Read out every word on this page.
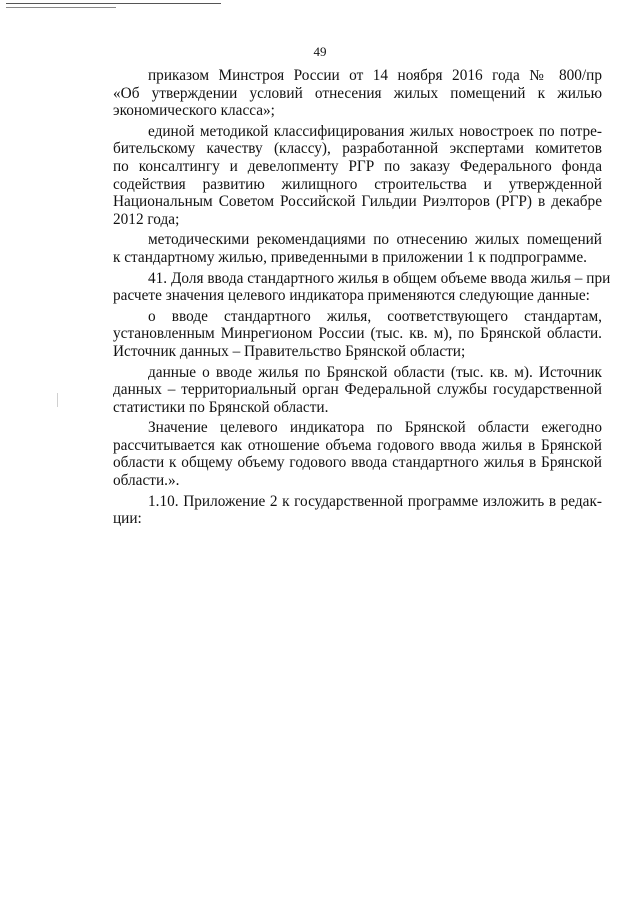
49
приказом Минстроя России от 14 ноября 2016 года № 800/пр
«Об утверждении условий отнесения жилых помещений к жилью
экономического класса»;
единой методикой классифицирования жилых новостроек по потре-
бительскому качеству (классу), разработанной экспертами комитетов
по консалтингу и девелопменту РГР по заказу Федерального фонда
содействия развитию жилищного строительства и утвержденной
Национальным Советом Российской Гильдии Риэлторов (РГР) в декабре
2012 года;
методическими рекомендациями по отнесению жилых помещений
к стандартному жилью, приведенными в приложении 1 к подпрограмме.
41. Доля ввода стандартного жилья в общем объеме ввода жилья – при
расчете значения целевого индикатора применяются следующие данные:
о вводе стандартного жилья, соответствующего стандартам,
установленным Минрегионом России (тыс. кв. м), по Брянской области.
Источник данных – Правительство Брянской области;
данные о вводе жилья по Брянской области (тыс. кв. м). Источник
данных – территориальный орган Федеральной службы государственной
статистики по Брянской области.
Значение целевого индикатора по Брянской области ежегодно
рассчитывается как отношение объема годового ввода жилья в Брянской
области к общему объему годового ввода стандартного жилья в Брянской
области.».
1.10. Приложение 2 к государственной программе изложить в редак-
ции:
